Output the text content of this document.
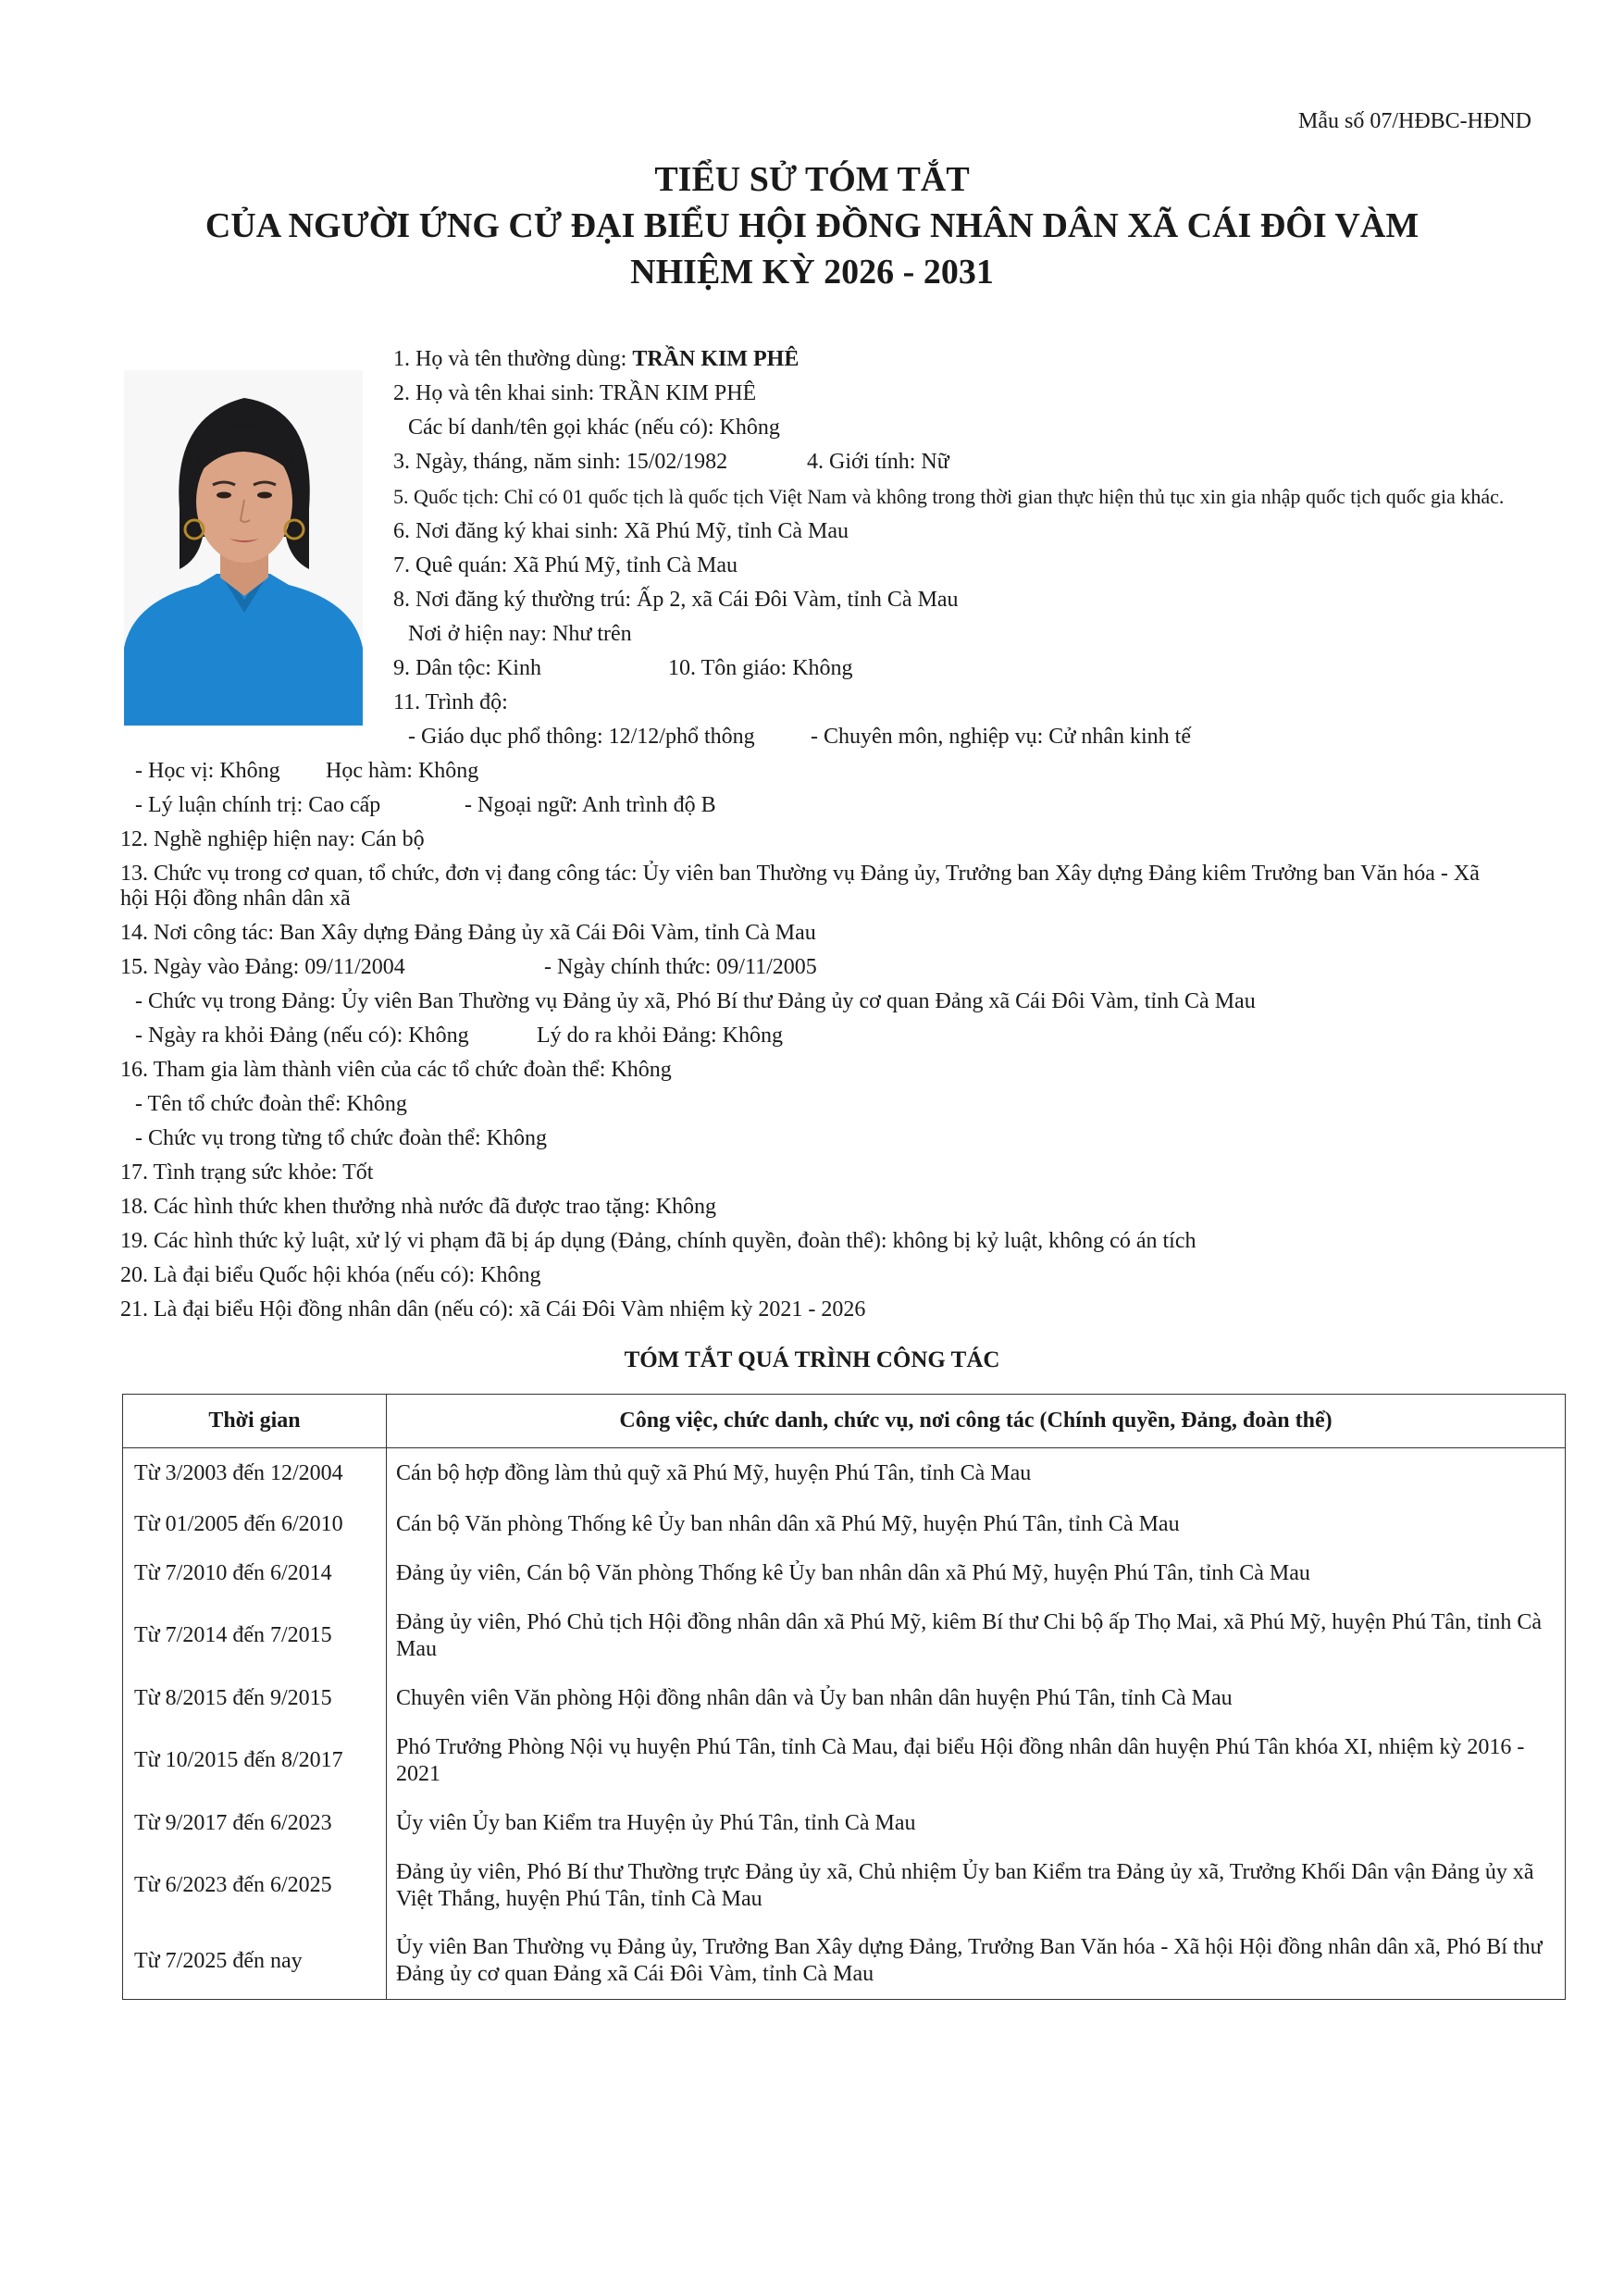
Mẫu số 07/HĐBC-HĐND
TIỂU SỬ TÓM TẮT
CỦA NGƯỜI ỨNG CỬ ĐẠI BIỂU HỘI ĐỒNG NHÂN DÂN XÃ CÁI ĐÔI VÀM
NHIỆM KỲ 2026 - 2031
1. Họ và tên thường dùng: TRẦN KIM PHÊ
2. Họ và tên khai sinh: TRẦN KIM PHÊ
Các bí danh/tên gọi khác (nếu có): Không
3. Ngày, tháng, năm sinh: 15/02/1982	4. Giới tính: Nữ
5. Quốc tịch: Chỉ có 01 quốc tịch là quốc tịch Việt Nam và không trong thời gian thực hiện thủ tục xin gia nhập quốc tịch quốc gia khác.
6. Nơi đăng ký khai sinh: Xã Phú Mỹ, tỉnh Cà Mau
7. Quê quán: Xã Phú Mỹ, tỉnh Cà Mau
8. Nơi đăng ký thường trú: Ấp 2, xã Cái Đôi Vàm, tỉnh Cà Mau
Nơi ở hiện nay: Như trên
9. Dân tộc: Kinh	10. Tôn giáo: Không
11. Trình độ:
- Giáo dục phổ thông: 12/12/phổ thông	- Chuyên môn, nghiệp vụ: Cử nhân kinh tế
- Học vị: Không Học hàm: Không
- Lý luận chính trị: Cao cấp	- Ngoại ngữ: Anh trình độ B
12. Nghề nghiệp hiện nay: Cán bộ
13. Chức vụ trong cơ quan, tổ chức, đơn vị đang công tác: Ủy viên ban Thường vụ Đảng ủy, Trưởng ban Xây dựng Đảng kiêm Trưởng ban Văn hóa - Xã
hội Hội đồng nhân dân xã
14. Nơi công tác: Ban Xây dựng Đảng Đảng ủy xã Cái Đôi Vàm, tỉnh Cà Mau
15. Ngày vào Đảng: 09/11/2004	- Ngày chính thức: 09/11/2005
- Chức vụ trong Đảng: Ủy viên Ban Thường vụ Đảng ủy xã, Phó Bí thư Đảng ủy cơ quan Đảng xã Cái Đôi Vàm, tỉnh Cà Mau
- Ngày ra khỏi Đảng (nếu có): Không	Lý do ra khỏi Đảng: Không
16. Tham gia làm thành viên của các tổ chức đoàn thể: Không
- Tên tổ chức đoàn thể: Không
- Chức vụ trong từng tổ chức đoàn thể: Không
17. Tình trạng sức khỏe: Tốt
18. Các hình thức khen thưởng nhà nước đã được trao tặng: Không
19. Các hình thức kỷ luật, xử lý vi phạm đã bị áp dụng (Đảng, chính quyền, đoàn thể): không bị kỷ luật, không có án tích
20. Là đại biểu Quốc hội khóa (nếu có): Không
21. Là đại biểu Hội đồng nhân dân (nếu có): xã Cái Đôi Vàm nhiệm kỳ 2021 - 2026
TÓM TẮT QUÁ TRÌNH CÔNG TÁC
Thời gian	Công việc, chức danh, chức vụ, nơi công tác (Chính quyền, Đảng, đoàn thể)
Từ 3/2003 đến 12/2004	Cán bộ hợp đồng làm thủ quỹ xã Phú Mỹ, huyện Phú Tân, tỉnh Cà Mau
Từ 01/2005 đến 6/2010	Cán bộ Văn phòng Thống kê Ủy ban nhân dân xã Phú Mỹ, huyện Phú Tân, tỉnh Cà Mau
Từ 7/2010 đến 6/2014	Đảng ủy viên, Cán bộ Văn phòng Thống kê Ủy ban nhân dân xã Phú Mỹ, huyện Phú Tân, tỉnh Cà Mau
Từ 7/2014 đến 7/2015	Đảng ủy viên, Phó Chủ tịch Hội đồng nhân dân xã Phú Mỹ, kiêm Bí thư Chi bộ ấp Thọ Mai, xã Phú Mỹ, huyện Phú Tân, tỉnh Cà Mau
Từ 8/2015 đến 9/2015	Chuyên viên Văn phòng Hội đồng nhân dân và Ủy ban nhân dân huyện Phú Tân, tỉnh Cà Mau
Từ 10/2015 đến 8/2017	Phó Trưởng Phòng Nội vụ huyện Phú Tân, tỉnh Cà Mau, đại biểu Hội đồng nhân dân huyện Phú Tân khóa XI, nhiệm kỳ 2016 - 2021
Từ 9/2017 đến 6/2023	Ủy viên Ủy ban Kiểm tra Huyện ủy Phú Tân, tỉnh Cà Mau
Từ 6/2023 đến 6/2025	Đảng ủy viên, Phó Bí thư Thường trực Đảng ủy xã, Chủ nhiệm Ủy ban Kiểm tra Đảng ủy xã, Trưởng Khối Dân vận Đảng ủy xã Việt Thắng, huyện Phú Tân, tỉnh Cà Mau
Từ 7/2025 đến nay	Ủy viên Ban Thường vụ Đảng ủy, Trưởng Ban Xây dựng Đảng, Trưởng Ban Văn hóa - Xã hội Hội đồng nhân dân xã, Phó Bí thư Đảng ủy cơ quan Đảng xã Cái Đôi Vàm, tỉnh Cà Mau
